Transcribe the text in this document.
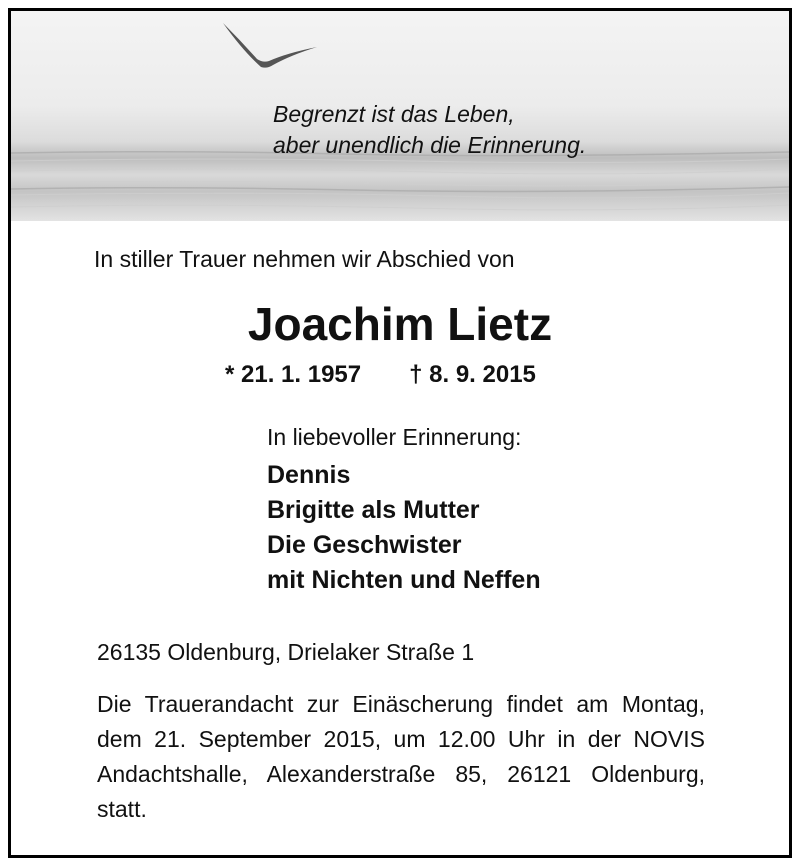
Begrenzt ist das Leben,
aber unendlich die Erinnerung.
In stiller Trauer nehmen wir Abschied von
Joachim Lietz
* 21. 1. 1957 † 8. 9. 2015
In liebevoller Erinnerung:
Dennis
Brigitte als Mutter
Die Geschwister
mit Nichten und Neffen
26135 Oldenburg, Drielaker Straße 1
Die Trauerandacht zur Einäscherung findet am Montag, dem 21. September 2015, um 12.00 Uhr in der NOVIS Andachtshalle, Alexanderstraße 85, 26121 Oldenburg, statt.
